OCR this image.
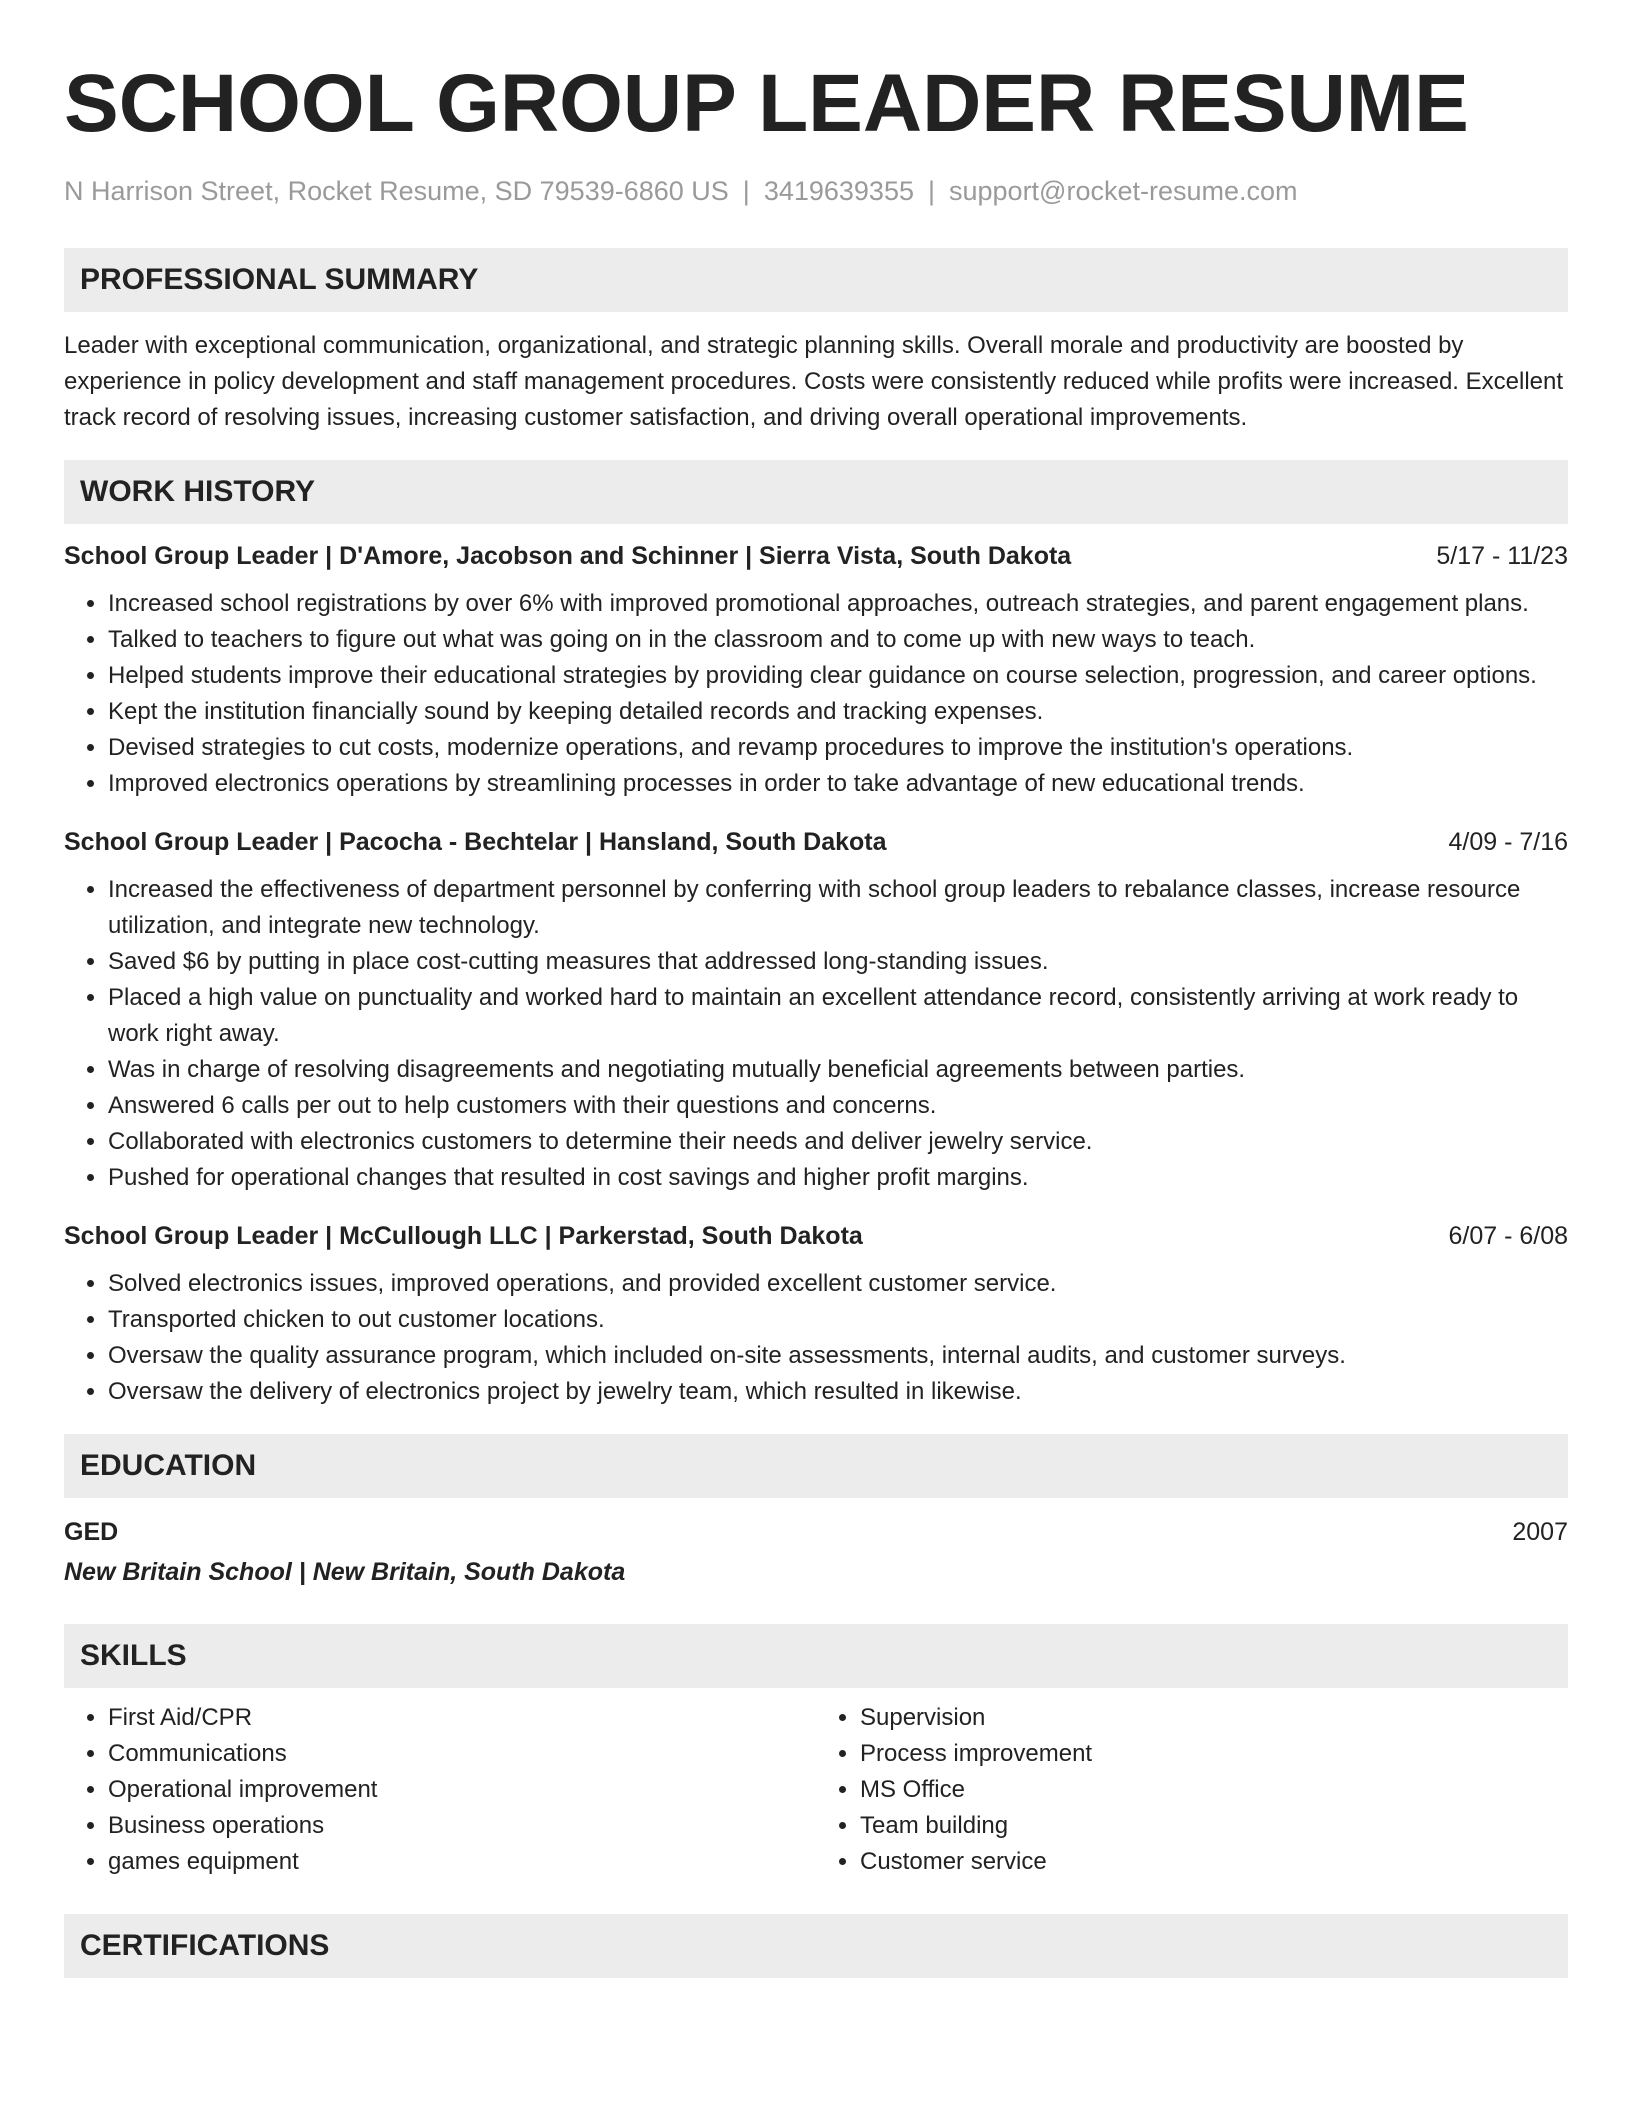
SCHOOL GROUP LEADER RESUME
N Harrison Street, Rocket Resume, SD 79539-6860 US | 3419639355 | support@rocket-resume.com
PROFESSIONAL SUMMARY

Leader with exceptional communication, organizational, and strategic planning skills. Overall morale and productivity are boosted by experience in policy development and staff management procedures. Costs were consistently reduced while profits were increased. Excellent track record of resolving issues, increasing customer satisfaction, and driving overall operational improvements.

WORK HISTORY
School Group Leader | D'Amore, Jacobson and Schinner | Sierra Vista, South Dakota	5/17 - 11/23
• Increased school registrations by over 6% with improved promotional approaches, outreach strategies, and parent engagement plans.
• Talked to teachers to figure out what was going on in the classroom and to come up with new ways to teach.
• Helped students improve their educational strategies by providing clear guidance on course selection, progression, and career options.
• Kept the institution financially sound by keeping detailed records and tracking expenses.
• Devised strategies to cut costs, modernize operations, and revamp procedures to improve the institution's operations.
• Improved electronics operations by streamlining processes in order to take advantage of new educational trends.
School Group Leader | Pacocha - Bechtelar | Hansland, South Dakota	4/09 - 7/16
• Increased the effectiveness of department personnel by conferring with school group leaders to rebalance classes, increase resource utilization, and integrate new technology.
• Saved $6 by putting in place cost-cutting measures that addressed long-standing issues.
• Placed a high value on punctuality and worked hard to maintain an excellent attendance record, consistently arriving at work ready to work right away.
• Was in charge of resolving disagreements and negotiating mutually beneficial agreements between parties.
• Answered 6 calls per out to help customers with their questions and concerns.
• Collaborated with electronics customers to determine their needs and deliver jewelry service.
• Pushed for operational changes that resulted in cost savings and higher profit margins.
School Group Leader | McCullough LLC | Parkerstad, South Dakota	6/07 - 6/08
• Solved electronics issues, improved operations, and provided excellent customer service.
• Transported chicken to out customer locations.
• Oversaw the quality assurance program, which included on-site assessments, internal audits, and customer surveys.
• Oversaw the delivery of electronics project by jewelry team, which resulted in likewise.
EDUCATION
GED	2007
New Britain School | New Britain, South Dakota
SKILLS
• First Aid/CPR
• Communications
• Operational improvement
• Business operations
• games equipment
• Supervision
• Process improvement
• MS Office
• Team building
• Customer service
CERTIFICATIONS
